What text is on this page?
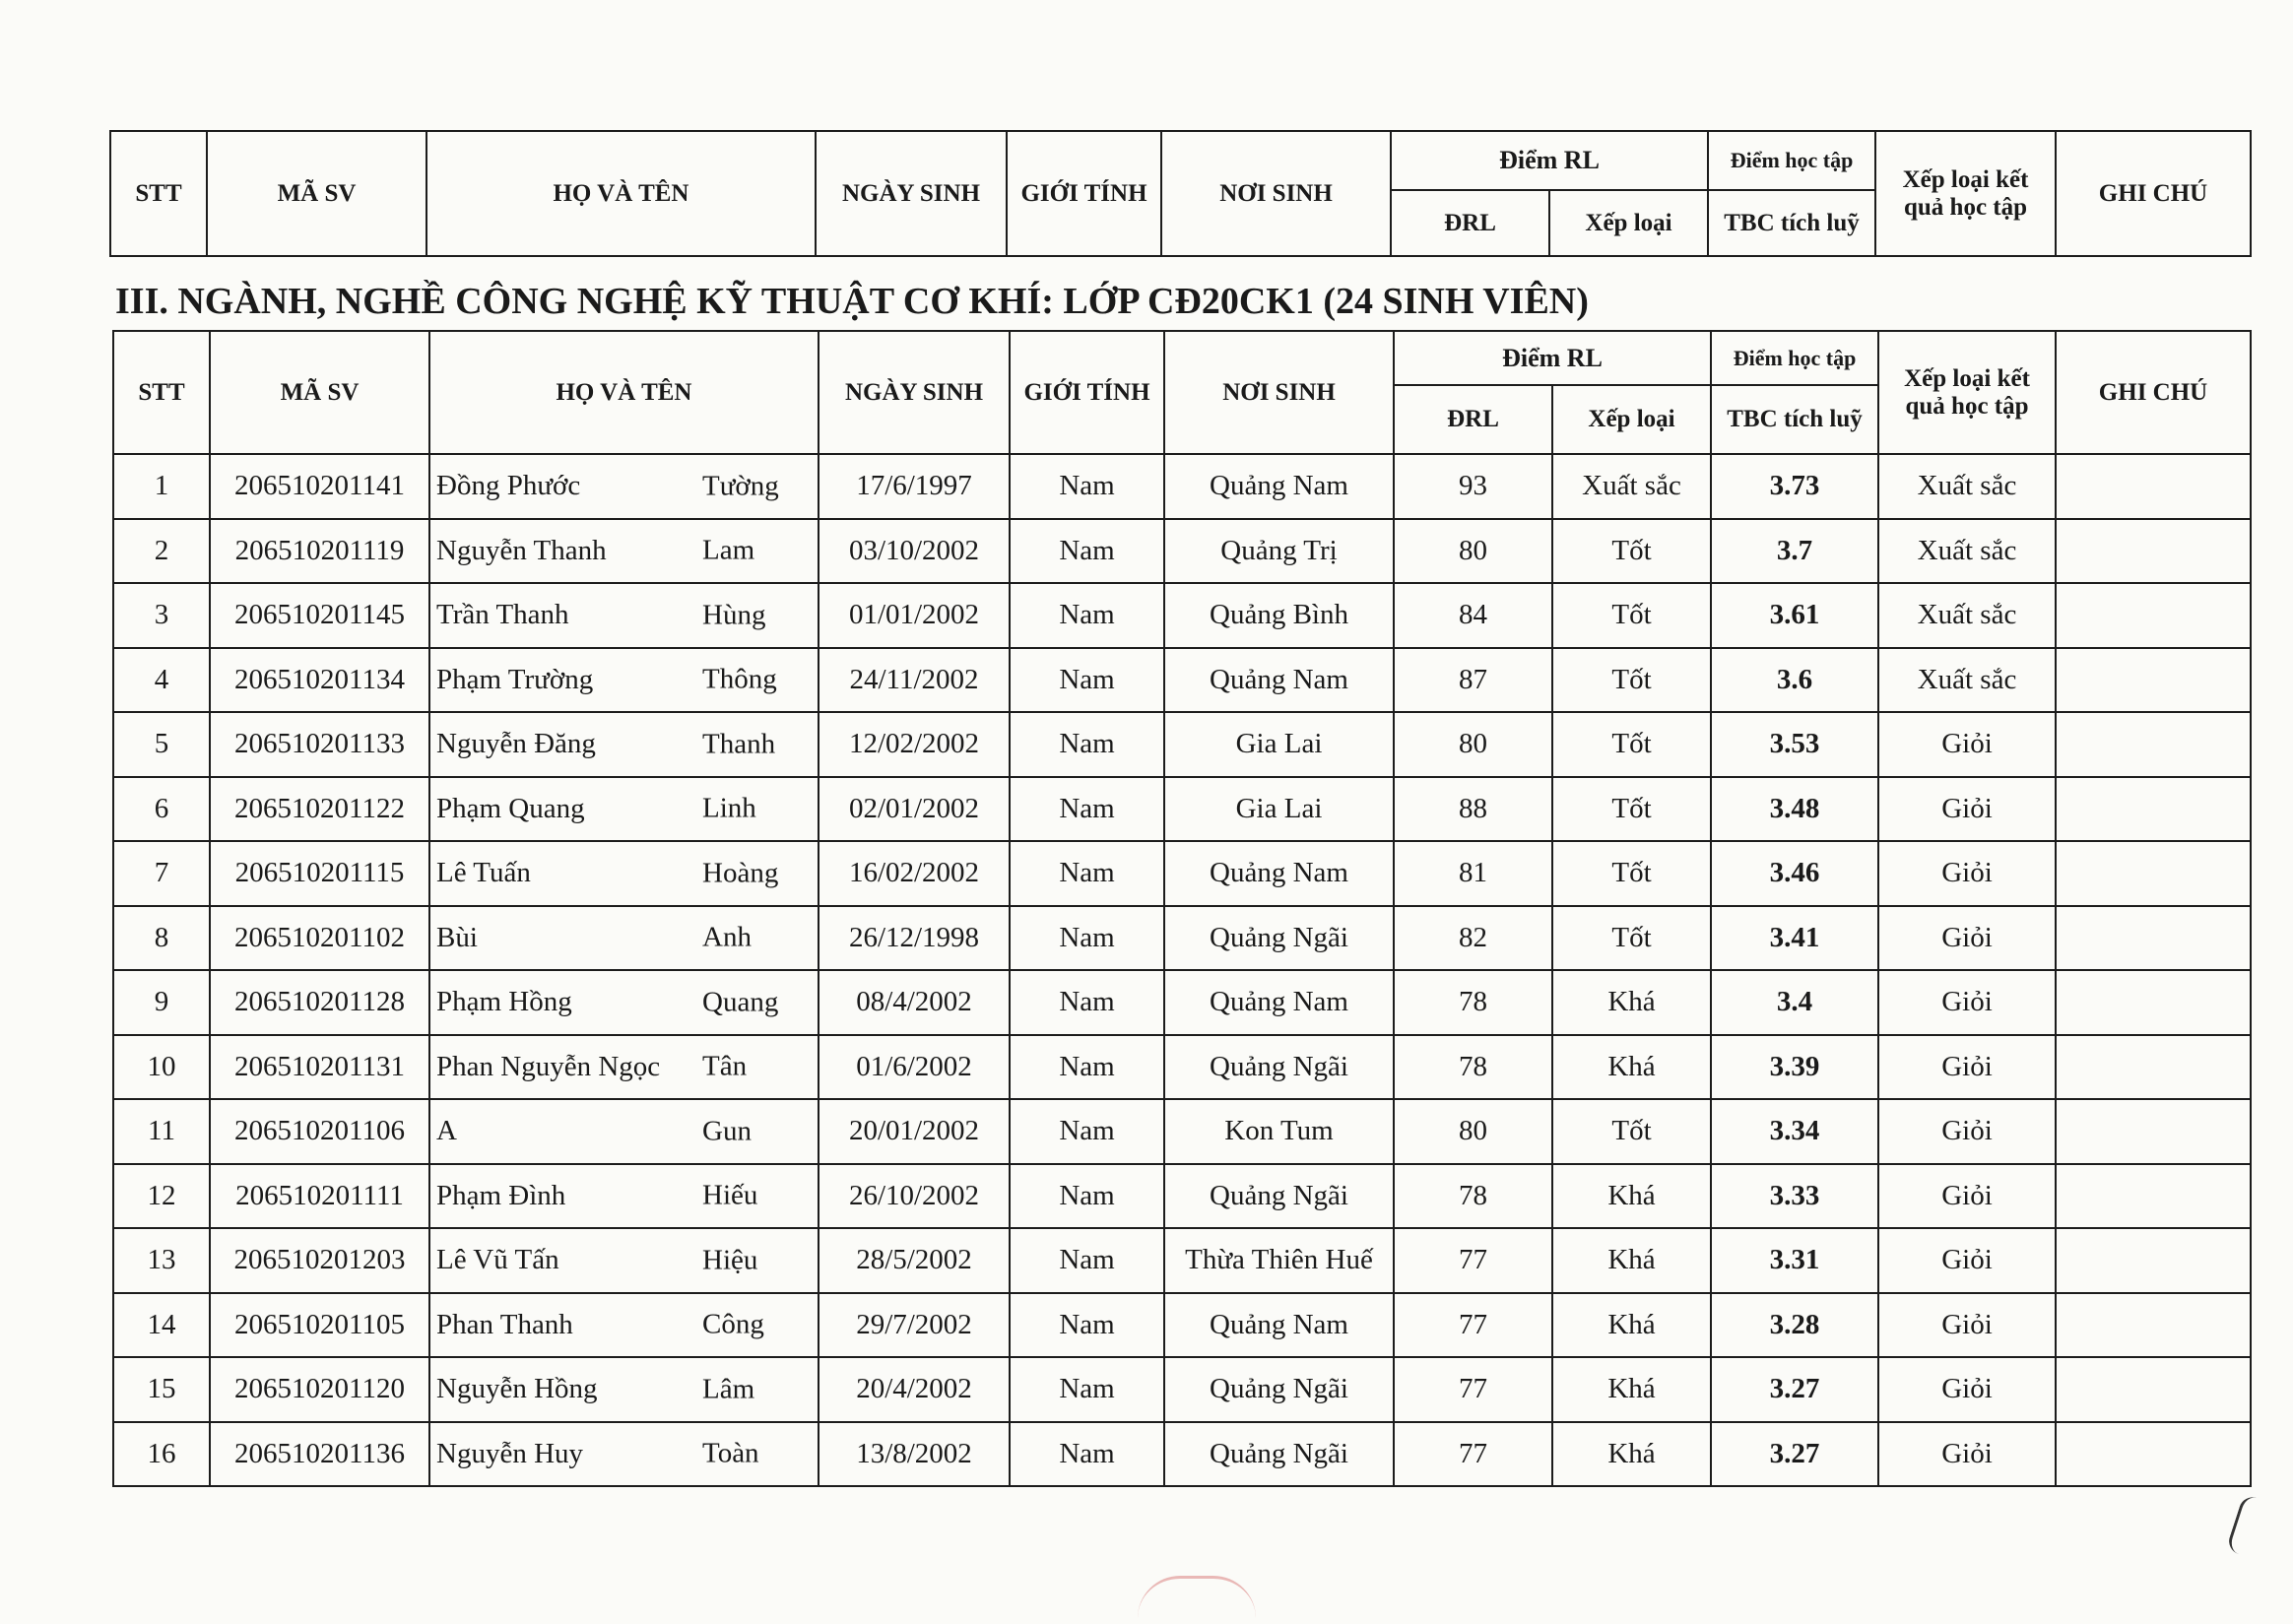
STT	MÃ SV	HỌ VÀ TÊN	NGÀY SINH	GIỚI TÍNH	NƠI SINH	Điểm RL		Điểm học tập	Xếp loại kết
quả học tập	GHI CHÚ
						ĐRL	Xếp loại	TBC tích luỹ		
III. NGÀNH, NGHỀ CÔNG NGHỆ KỸ THUẬT CƠ KHÍ: LỚP CĐ20CK1 (24 SINH VIÊN)
STT	MÃ SV	HỌ VÀ TÊN	NGÀY SINH	GIỚI TÍNH	NƠI SINH	Điểm RL		Điểm học tập	Xếp loại kết
quả học tập	GHI CHÚ
						ĐRL	Xếp loại	TBC tích luỹ		
1	206510201141	Đồng Phước Tường	17/6/1997	Nam	Quảng Nam	93	Xuất sắc	3.73	Xuất sắc	
2	206510201119	Nguyễn Thanh Lam	03/10/2002	Nam	Quảng Trị	80	Tốt	3.7	Xuất sắc	
3	206510201145	Trần Thanh Hùng	01/01/2002	Nam	Quảng Bình	84	Tốt	3.61	Xuất sắc	
4	206510201134	Phạm Trường Thông	24/11/2002	Nam	Quảng Nam	87	Tốt	3.6	Xuất sắc	
5	206510201133	Nguyễn Đăng Thanh	12/02/2002	Nam	Gia Lai	80	Tốt	3.53	Giỏi	
6	206510201122	Phạm Quang Linh	02/01/2002	Nam	Gia Lai	88	Tốt	3.48	Giỏi	
7	206510201115	Lê Tuấn Hoàng	16/02/2002	Nam	Quảng Nam	81	Tốt	3.46	Giỏi	
8	206510201102	Bùi Anh	26/12/1998	Nam	Quảng Ngãi	82	Tốt	3.41	Giỏi	
9	206510201128	Phạm Hồng Quang	08/4/2002	Nam	Quảng Nam	78	Khá	3.4	Giỏi	
10	206510201131	Phan Nguyễn Ngọc Tân	01/6/2002	Nam	Quảng Ngãi	78	Khá	3.39	Giỏi	
11	206510201106	A Gun	20/01/2002	Nam	Kon Tum	80	Tốt	3.34	Giỏi	
12	206510201111	Phạm Đình Hiếu	26/10/2002	Nam	Quảng Ngãi	78	Khá	3.33	Giỏi	
13	206510201203	Lê Vũ Tấn Hiệu	28/5/2002	Nam	Thừa Thiên Huế	77	Khá	3.31	Giỏi	
14	206510201105	Phan Thanh Công	29/7/2002	Nam	Quảng Nam	77	Khá	3.28	Giỏi	
15	206510201120	Nguyễn Hồng Lâm	20/4/2002	Nam	Quảng Ngãi	77	Khá	3.27	Giỏi	
16	206510201136	Nguyễn Huy Toàn	13/8/2002	Nam	Quảng Ngãi	77	Khá	3.27	Giỏi	
